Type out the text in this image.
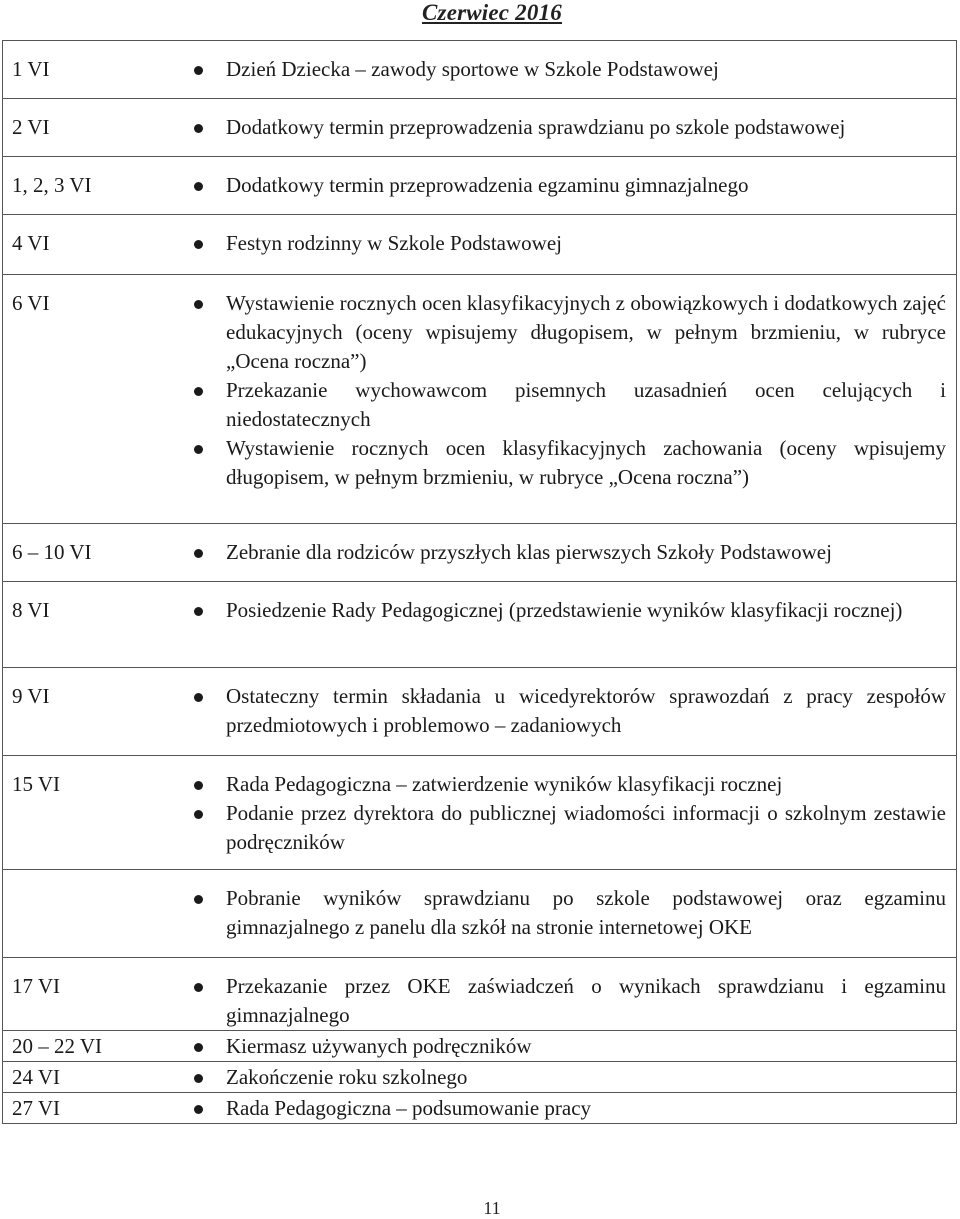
Czerwiec 2016
1 VI	Dzień Dziecka – zawody sportowe w Szkole Podstawowej

2 VI	Dodatkowy termin przeprowadzenia sprawdzianu po szkole podstawowej

1, 2, 3 VI	Dodatkowy termin przeprowadzenia egzaminu gimnazjalnego

4 VI	Festyn rodzinny w Szkole Podstawowej

6 VI	Wystawienie rocznych ocen klasyfikacyjnych z obowiązkowych i dodatkowych zajęć edukacyjnych (oceny wpisujemy długopisem, w pełnym brzmieniu, w rubryce „Ocena roczna”)
Przekazanie wychowawcom pisemnych uzasadnień ocen celujących i niedostatecznych
Wystawienie rocznych ocen klasyfikacyjnych zachowania (oceny wpisujemy długopisem, w pełnym brzmieniu, w rubryce „Ocena roczna”)

6 – 10 VI	Zebranie dla rodziców przyszłych klas pierwszych Szkoły Podstawowej

8 VI	Posiedzenie Rady Pedagogicznej (przedstawienie wyników klasyfikacji rocznej)

9 VI	Ostateczny termin składania u wicedyrektorów sprawozdań z pracy zespołów przedmiotowych i problemowo – zadaniowych

15 VI	Rada Pedagogiczna – zatwierdzenie wyników klasyfikacji rocznej
Podanie przez dyrektora do publicznej wiadomości informacji o szkolnym zestawie podręczników

Pobranie wyników sprawdzianu po szkole podstawowej oraz egzaminu gimnazjalnego z panelu dla szkół na stronie internetowej OKE

17 VI	Przekazanie przez OKE zaświadczeń o wynikach sprawdzianu i egzaminu gimnazjalnego

20 – 22 VI	Kiermasz używanych podręczników

24 VI	Zakończenie roku szkolnego

27 VI	Rada Pedagogiczna – podsumowanie pracy
11
